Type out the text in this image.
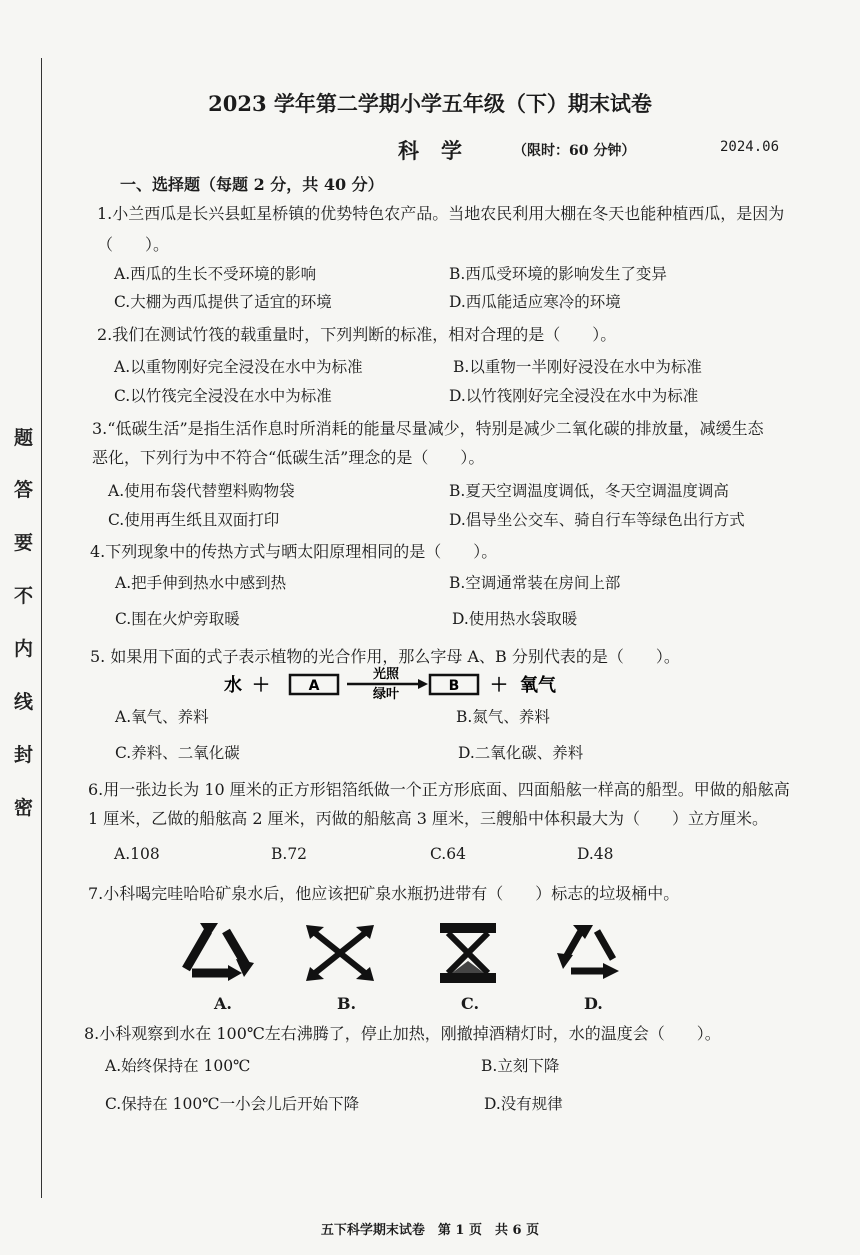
题
答
要
不
内
线
封
密
2023 学年第二学期小学五年级（下）期末试卷
科学 （限时：60 分钟）	2024.06
一、选择题（每题 2 分，共 40 分）
1.小兰西瓜是长兴县虹星桥镇的优势特色农产品。当地农民利用大棚在冬天也能种植西瓜，是因为
（　　）。
A.西瓜的生长不受环境的影响	B.西瓜受环境的影响发生了变异
C.大棚为西瓜提供了适宜的环境	D.西瓜能适应寒冷的环境
2.我们在测试竹筏的载重量时，下列判断的标准，相对合理的是（　　）。
A.以重物刚好完全浸没在水中为标准	B.以重物一半刚好浸没在水中为标准
C.以竹筏完全浸没在水中为标准	D.以竹筏刚好完全浸没在水中为标准
3.“低碳生活”是指生活作息时所消耗的能量尽量减少，特别是减少二氧化碳的排放量，减缓生态
恶化，下列行为中不符合“低碳生活”理念的是（　　）。
A.使用布袋代替塑料购物袋	B.夏天空调温度调低，冬天空调温度调高
C.使用再生纸且双面打印	D.倡导坐公交车、骑自行车等绿色出行方式
4.下列现象中的传热方式与晒太阳原理相同的是（　　）。
A.把手伸到热水中感到热	B.空调通常装在房间上部
C.围在火炉旁取暖	D.使用热水袋取暖
5. 如果用下面的式子表示植物的光合作用，那么字母 A、B 分别代表的是（　　）。
水 ＋	A
光照
绿叶
B ＋ 氧气
A.氧气、养料	B.氮气、养料
C.养料、二氧化碳	D.二氧化碳、养料
6.用一张边长为 10 厘米的正方形铝箔纸做一个正方形底面、四面船舷一样高的船型。甲做的船舷高
1 厘米，乙做的船舷高 2 厘米，丙做的船舷高 3 厘米，三艘船中体积最大为（　　）立方厘米。
A.108	B.72	C.64	D.48
7.小科喝完哇哈哈矿泉水后，他应该把矿泉水瓶扔进带有（　　）标志的垃圾桶中。
A.	B.	C.	D.
8.小科观察到水在 100℃左右沸腾了，停止加热，刚撤掉酒精灯时，水的温度会（　　）。
A.始终保持在 100℃	B.立刻下降
C.保持在 100℃一小会儿后开始下降	D.没有规律
五下科学期末试卷　第 1 页　共 6 页
